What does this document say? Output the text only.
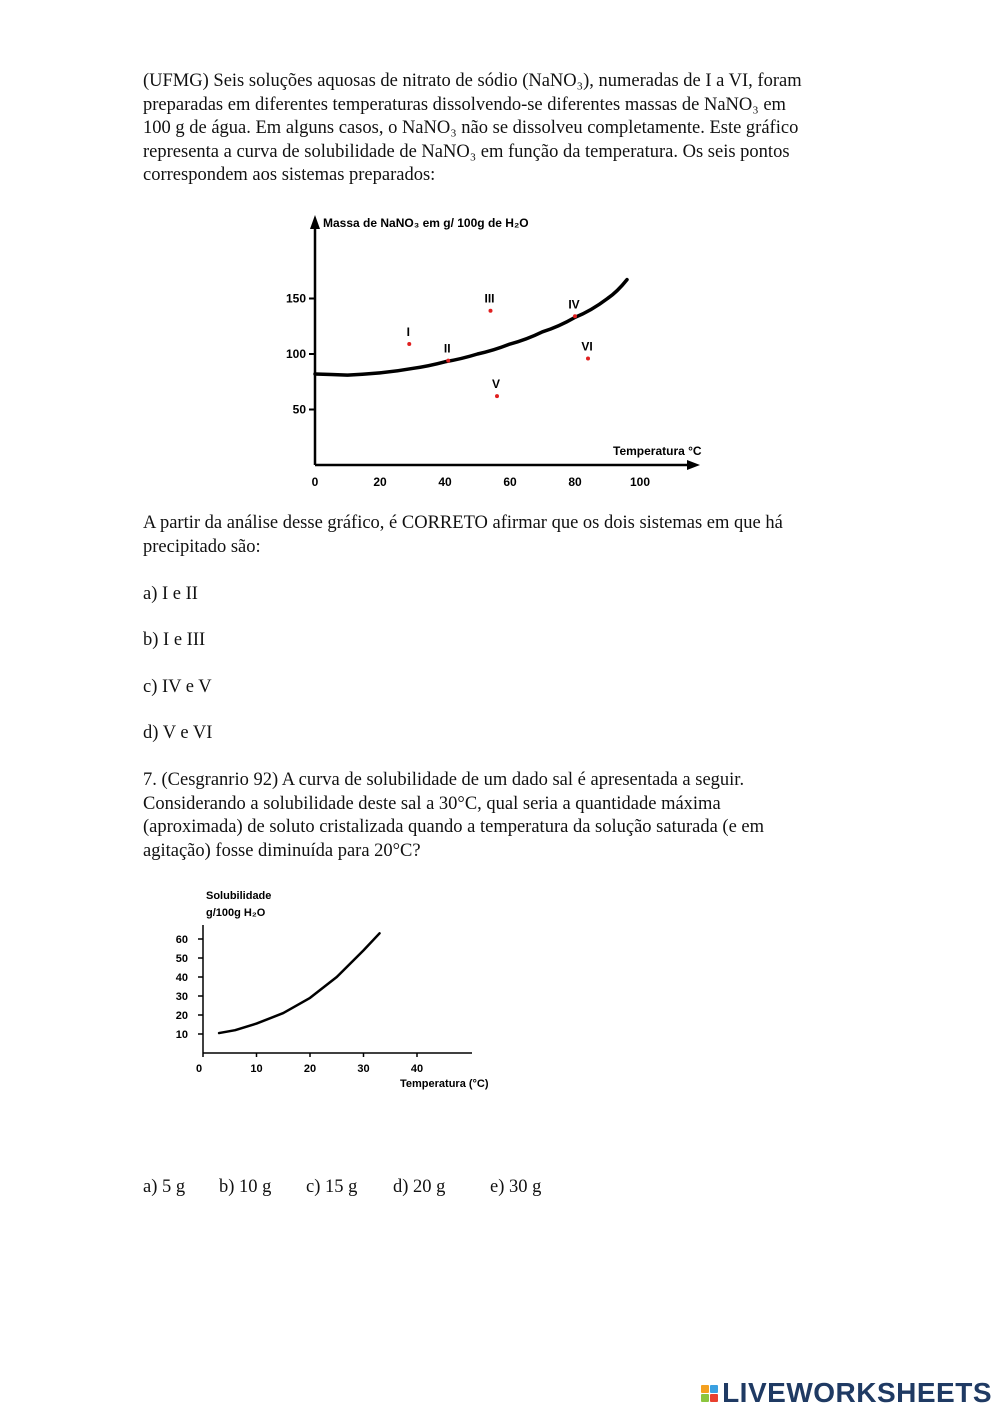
(UFMG) Seis soluções aquosas de nitrato de sódio (NaNO₃), numeradas de I a VI, foram
preparadas em diferentes temperaturas dissolvendo-se diferentes massas de NaNO₃ em
100 g de água. Em alguns casos, o NaNO₃ não se dissolveu completamente. Este gráfico
representa a curva de solubilidade de NaNO₃ em função da temperatura. Os seis pontos
correspondem aos sistemas preparados:
50
100
150
0	20	40	60	80	100
Massa de NaNO₃ em g/ 100g de H₂O
Temperatura °C
I
II
III	IV
V
VI
A partir da análise desse gráfico, é CORRETO afirmar que os dois sistemas em que há
precipitado são:
a) I e II
b) I e III
c) IV e V
d) V e VI
7. (Cesgranrio 92) A curva de solubilidade de um dado sal é apresentada a seguir.
Considerando a solubilidade deste sal a 30°C, qual seria a quantidade máxima
(aproximada) de soluto cristalizada quando a temperatura da solução saturada (e em
agitação) fosse diminuída para 20°C?
10
20
30
40
50
60
0	10	20	30	40
Solubilidade
g/100g H₂O
Temperatura (°C)
a) 5 g b) 10 g c) 15 g d) 20 g e) 30 g
LIVEWORKSHEETS
